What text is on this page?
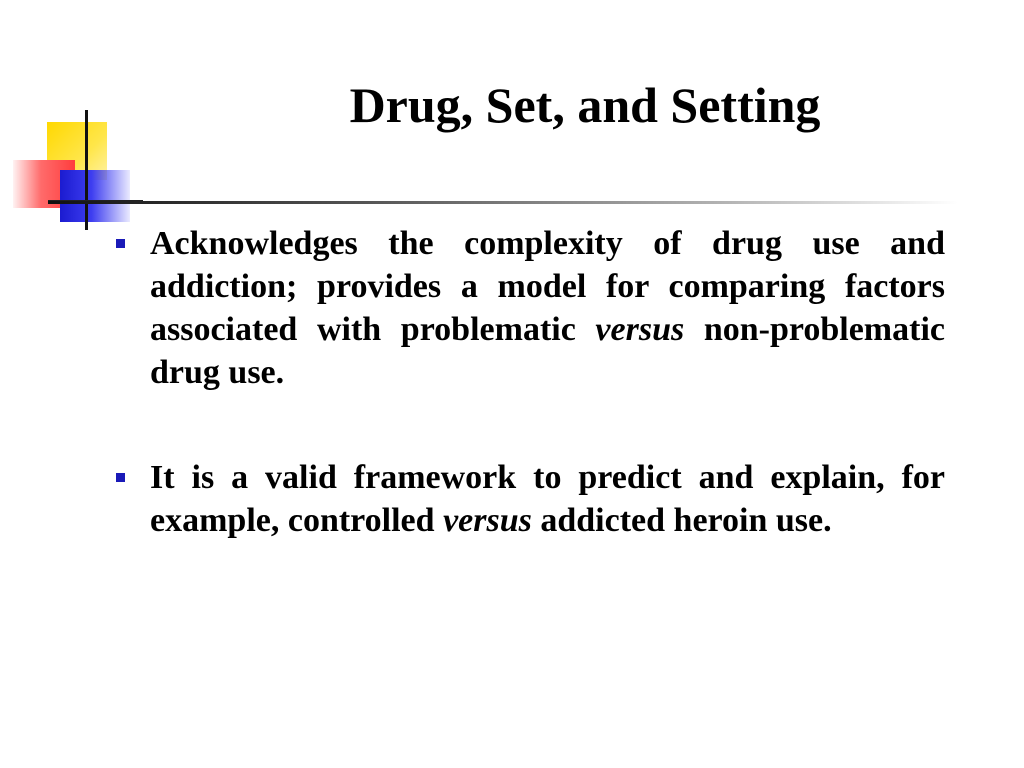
Drug, Set, and Setting
Acknowledges the complexity of drug use and addiction; provides a model for comparing factors associated with problematic versus non-problematic drug use.
It is a valid framework to predict and explain, for example, controlled versus addicted heroin use.
